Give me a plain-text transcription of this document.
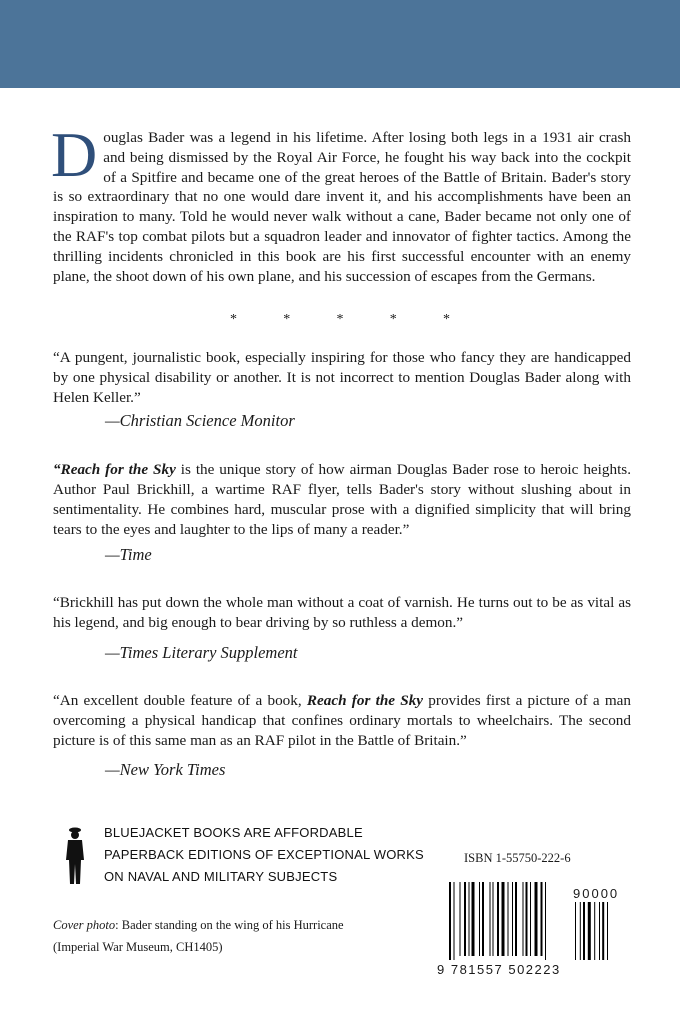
Douglas Bader was a legend in his lifetime. After losing both legs in a 1931 air crash and being dismissed by the Royal Air Force, he fought his way back into the cockpit of a Spitfire and became one of the great heroes of the Battle of Britain. Bader's story is so extraordinary that no one would dare invent it, and his accomplishments have been an inspiration to many. Told he would never walk without a cane, Bader became not only one of the RAF's top combat pilots but a squadron leader and innovator of fighter tactics. Among the thrilling incidents chronicled in this book are his first successful encounter with an enemy plane, the shoot down of his own plane, and his succession of escapes from the Germans.
*	*	*	*	*
“A pungent, journalistic book, especially inspiring for those who fancy they are handicapped by one physical disability or another. It is not incorrect to mention Douglas Bader along with Helen Keller.”
—Christian Science Monitor
“Reach for the Sky is the unique story of how airman Douglas Bader rose to heroic heights. Author Paul Brickhill, a wartime RAF flyer, tells Bader's story without slushing about in sentimentality. He combines hard, muscular prose with a dignified simplicity that will bring tears to the eyes and laughter to the lips of many a reader.”
—Time
“Brickhill has put down the whole man without a coat of varnish. He turns out to be as vital as his legend, and big enough to bear driving by so ruthless a demon.”
—Times Literary Supplement
“An excellent double feature of a book, Reach for the Sky provides first a picture of a man overcoming a physical handicap that confines ordinary mortals to wheelchairs. The second picture is of this same man as an RAF pilot in the Battle of Britain.”
—New York Times
BLUEJACKET BOOKS ARE AFFORDABLE
PAPERBACK EDITIONS OF EXCEPTIONAL WORKS
ON NAVAL AND MILITARY SUBJECTS
ISBN 1-55750-222-6
Cover photo: Bader standing on the wing of his Hurricane
(Imperial War Museum, CH1405)
9 781557 502223
90000
